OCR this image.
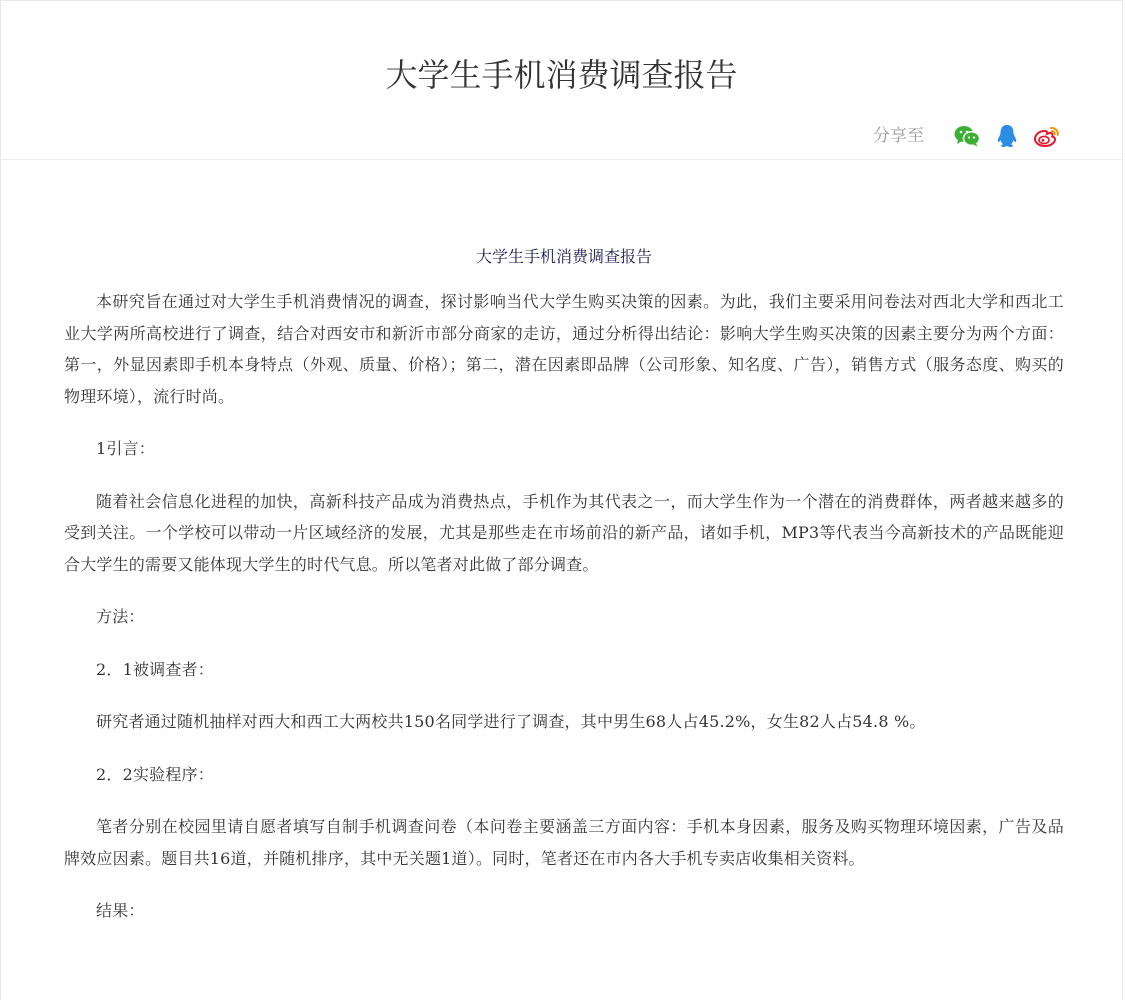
大学生手机消费调查报告
分享至
大学生手机消费调查报告

本研究旨在通过对大学生手机消费情况的调查，探讨影响当代大学生购买决策的因素。为此，我们主要采用问卷法对西北大学和西北工业大学两所高校进行了调查，结合对西安市和新沂市部分商家的走访，通过分析得出结论：影响大学生购买决策的因素主要分为两个方面：第一，外显因素即手机本身特点（外观、质量、价格）；第二，潜在因素即品牌（公司形象、知名度、广告），销售方式（服务态度、购买的物理环境），流行时尚。

1引言：

随着社会信息化进程的加快，高新科技产品成为消费热点，手机作为其代表之一，而大学生作为一个潜在的消费群体，两者越来越多的受到关注。一个学校可以带动一片区域经济的发展，尤其是那些走在市场前沿的新产品，诸如手机，MP3等代表当今高新技术的产品既能迎合大学生的需要又能体现大学生的时代气息。所以笔者对此做了部分调查。

方法：

2．1被调查者：

研究者通过随机抽样对西大和西工大两校共150名同学进行了调查，其中男生68人占45.2%，女生82人占54.8 %。

2．2实验程序：

笔者分别在校园里请自愿者填写自制手机调查问卷（本问卷主要涵盖三方面内容：手机本身因素，服务及购买物理环境因素，广告及品牌效应因素。题目共16道，并随机排序，其中无关题1道）。同时，笔者还在市内各大手机专卖店收集相关资料。

结果：
